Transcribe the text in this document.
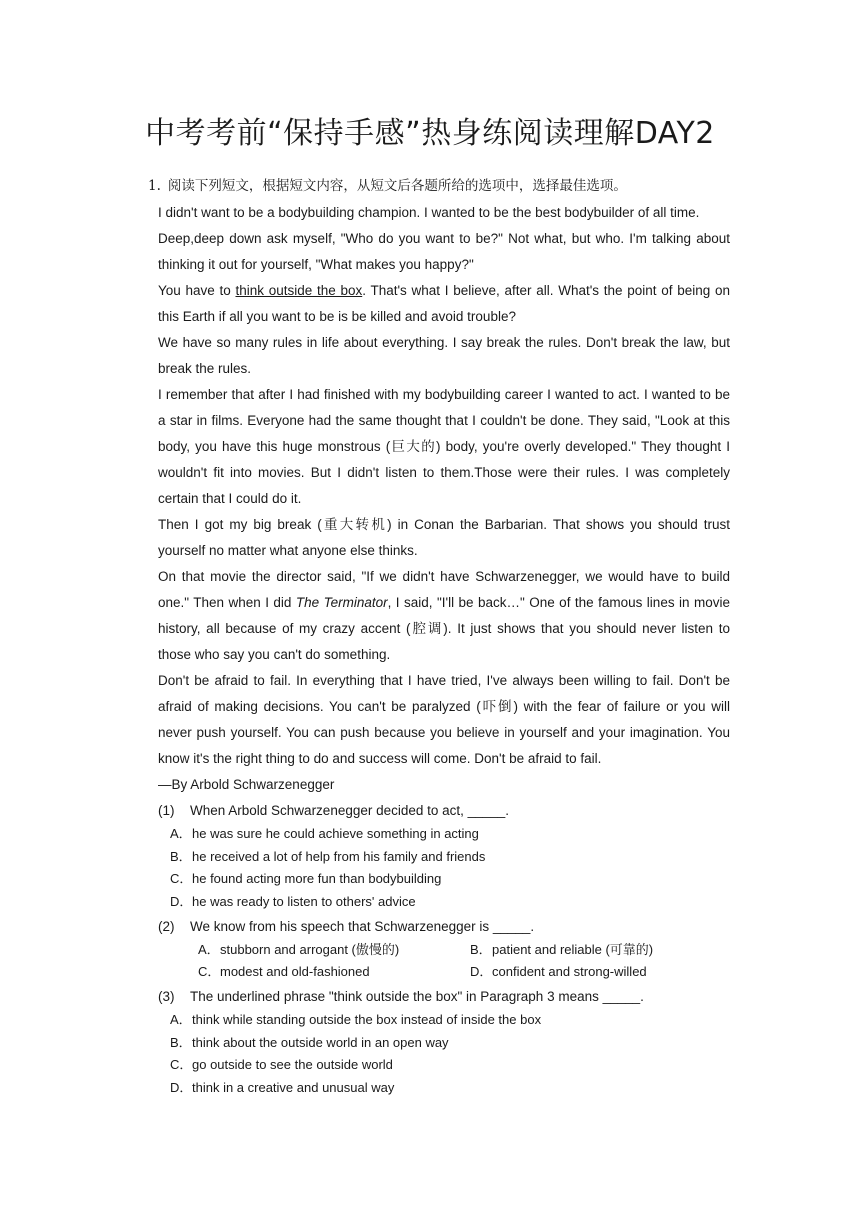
中考考前“保持手感”热身练阅读理解DAY2
1. 阅读下列短文，根据短文内容，从短文后各题所给的选项中，选择最佳选项。

I didn't want to be a bodybuilding champion. I wanted to be the best bodybuilder of all time.

Deep,deep down ask myself, "Who do you want to be?" Not what, but who. I'm talking about thinking it out for yourself, "What makes you happy?"

You have to think outside the box. That's what I believe, after all. What's the point of being on this Earth if all you want to be is be killed and avoid trouble?

We have so many rules in life about everything. I say break the rules. Don't break the law, but break the rules.

I remember that after I had finished with my bodybuilding career I wanted to act. I wanted to be a star in films. Everyone had the same thought that I couldn't be done. They said, "Look at this body, you have this huge monstrous (巨大的) body, you're overly developed." They thought I wouldn't fit into movies. But I didn't listen to them.Those were their rules. I was completely certain that I could do it.

Then I got my big break (重大转机) in Conan the Barbarian. That shows you should trust yourself no matter what anyone else thinks.

On that movie the director said, "If we didn't have Schwarzenegger, we would have to build one." Then when I did The Terminator, I said, "I'll be back…" One of the famous lines in movie history, all because of my crazy accent (腔调). It just shows that you should never listen to those who say you can't do something.

Don't be afraid to fail. In everything that I have tried, I've always been willing to fail. Don't be afraid of making decisions. You can't be paralyzed (吓倒) with the fear of failure or you will never push yourself. You can push because you believe in yourself and your imagination. You know it's the right thing to do and success will come. Don't be afraid to fail.

—By Arbold Schwarzenegger

(1) When Arbold Schwarzenegger decided to act, _____.
A．he was sure he could achieve something in acting
B．he received a lot of help from his family and friends
C．he found acting more fun than bodybuilding
D．he was ready to listen to others' advice
(2) We know from his speech that Schwarzenegger is _____.
A．stubborn and arrogant (傲慢的)	B．patient and reliable (可靠的)
C．modest and old-fashioned	D．confident and strong-willed
(3) The underlined phrase "think outside the box" in Paragraph 3 means _____.
A．think while standing outside the box instead of inside the box
B．think about the outside world in an open way
C．go outside to see the outside world
D．think in a creative and unusual way
